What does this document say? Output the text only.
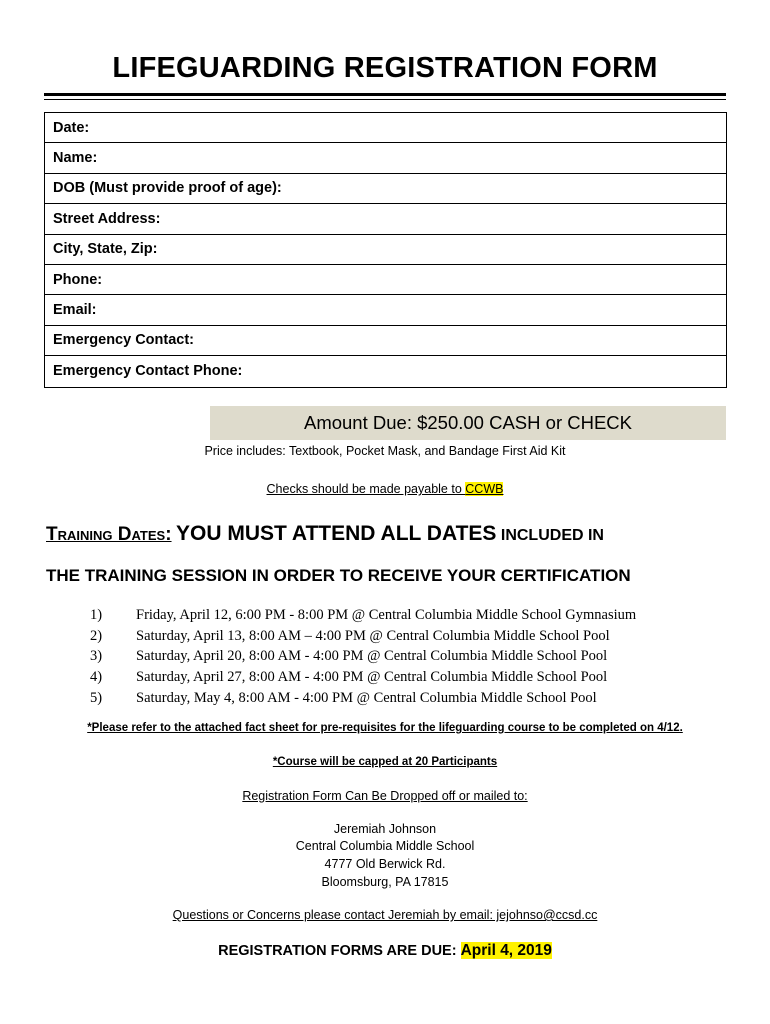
LIFEGUARDING REGISTRATION FORM
Date:
Name:
DOB (Must provide proof of age):
Street Address:
City, State, Zip:
Phone:
Email:
Emergency Contact:
Emergency Contact Phone:
Amount Due: $250.00 CASH or CHECK
Price includes: Textbook, Pocket Mask, and Bandage First Aid Kit
Checks should be made payable to CCWB
Training Dates: YOU MUST ATTEND ALL DATES INCLUDED IN
THE TRAINING SESSION IN ORDER TO RECEIVE YOUR CERTIFICATION
1)	Friday, April 12, 6:00 PM - 8:00 PM @ Central Columbia Middle School Gymnasium
2)	Saturday, April 13, 8:00 AM – 4:00 PM @ Central Columbia Middle School Pool
3)	Saturday, April 20, 8:00 AM - 4:00 PM @ Central Columbia Middle School Pool
4)	Saturday, April 27, 8:00 AM - 4:00 PM @ Central Columbia Middle School Pool
5)	Saturday, May 4, 8:00 AM - 4:00 PM @ Central Columbia Middle School Pool
*Please refer to the attached fact sheet for pre-requisites for the lifeguarding course to be completed on 4/12.
*Course will be capped at 20 Participants
Registration Form Can Be Dropped off or mailed to:
Jeremiah Johnson
Central Columbia Middle School
4777 Old Berwick Rd.
Bloomsburg, PA 17815
Questions or Concerns please contact Jeremiah by email: jejohnso@ccsd.cc
REGISTRATION FORMS ARE DUE: April 4, 2019
